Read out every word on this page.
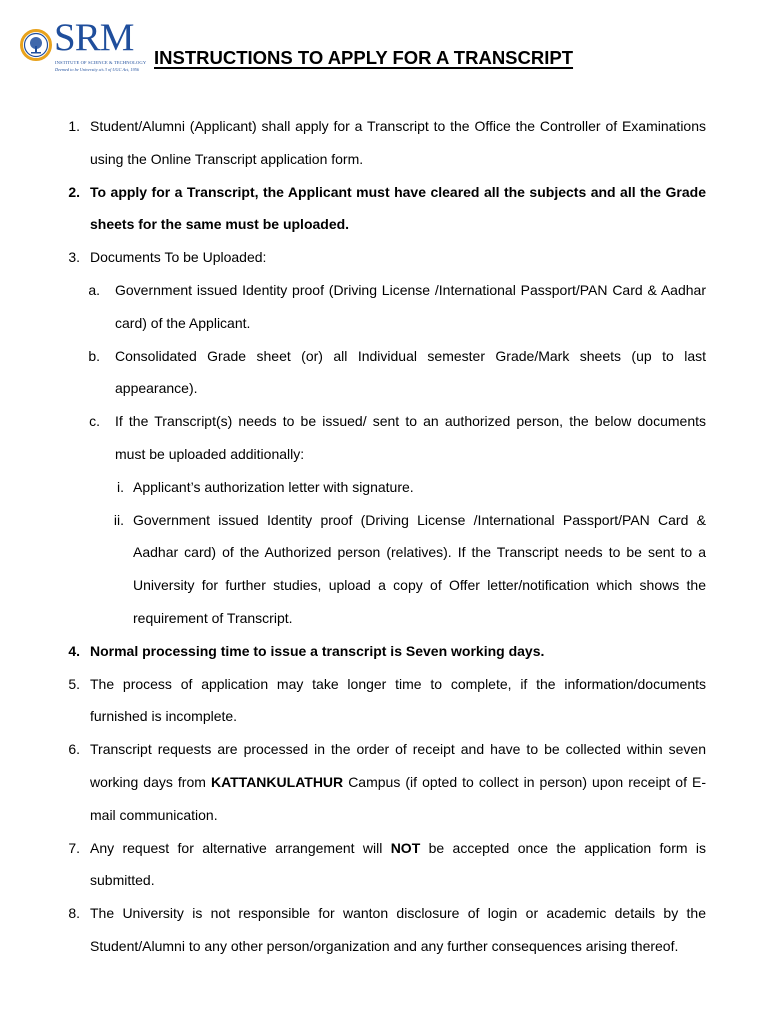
SRM
INSTITUTE OF SCIENCE & TECHNOLOGY
Deemed to be University u/s 3 of UGC Act, 1956
INSTRUCTIONS TO APPLY FOR A TRANSCRIPT
1. Student/Alumni (Applicant) shall apply for a Transcript to the Office the Controller of Examinations using the Online Transcript application form.
2. To apply for a Transcript, the Applicant must have cleared all the subjects and all the Grade sheets for the same must be uploaded.
3. Documents To be Uploaded:
a. Government issued Identity proof (Driving License /International Passport/PAN Card & Aadhar card) of the Applicant.
b. Consolidated Grade sheet (or) all Individual semester Grade/Mark sheets (up to last appearance).
c. If the Transcript(s) needs to be issued/ sent to an authorized person, the below documents must be uploaded additionally:
i. Applicant’s authorization letter with signature.
ii. Government issued Identity proof (Driving License /International Passport/PAN Card & Aadhar card) of the Authorized person (relatives). If the Transcript needs to be sent to a University for further studies, upload a copy of Offer letter/notification which shows the requirement of Transcript.
4. Normal processing time to issue a transcript is Seven working days.
5. The process of application may take longer time to complete, if the information/documents furnished is incomplete.
6. Transcript requests are processed in the order of receipt and have to be collected within seven working days from KATTANKULATHUR Campus (if opted to collect in person) upon receipt of E-mail communication.
7. Any request for alternative arrangement will NOT be accepted once the application form is submitted.
8. The University is not responsible for wanton disclosure of login or academic details by the Student/Alumni to any other person/organization and any further consequences arising thereof.
